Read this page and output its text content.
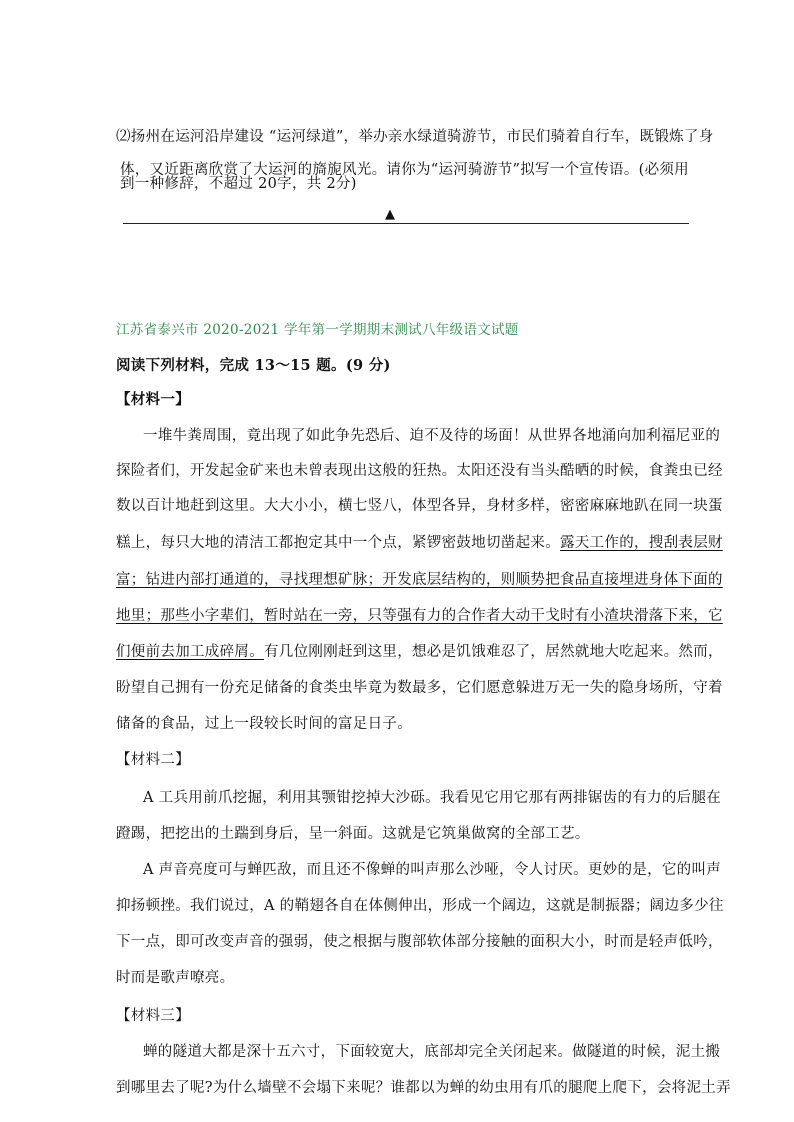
⑵扬州在运河沿岸建设 “运河绿道”，举办亲水绿道骑游节，市民们骑着自行车，既锻炼了身
体，又近距离欣赏了大运河的旖旎风光。请你为“运河骑游节”拟写一个宣传语。(必须用
到一种修辞，不超过 20字，共 2分)
▲
江苏省泰兴市 2020-2021 学年第一学期期末测试八年级语文试题
阅读下列材料，完成 13～15 题。(9 分)
【材料一】
一堆牛粪周围，竟出现了如此争先恐后、迫不及待的场面！从世界各地涌向加利福尼亚的
探险者们，开发起金矿来也未曾表现出这般的狂热。太阳还没有当头酷晒的时候，食粪虫已经
数以百计地赶到这里。大大小小，横七竖八，体型各异，身材多样，密密麻麻地趴在同一块蛋
糕上，每只大地的清洁工都抱定其中一个点，紧锣密鼓地切凿起来。露天工作的，搜刮表层财
富；钻进内部打通道的，寻找理想矿脉；开发底层结构的，则顺势把食品直接埋进身体下面的
地里；那些小字辈们，暂时站在一旁，只等强有力的合作者大动干戈时有小渣块滑落下来，它
们便前去加工成碎屑。有几位刚刚赶到这里，想必是饥饿难忍了，居然就地大吃起来。然而，
盼望自己拥有一份充足储备的食类虫毕竟为数最多，它们愿意躲进万无一失的隐身场所，守着
储备的食品，过上一段较长时间的富足日子。
【材料二】
A 工兵用前爪挖掘，利用其颚钳挖掉大沙砾。我看见它用它那有两排锯齿的有力的后腿在
蹬踢，把挖出的土踹到身后，呈一斜面。这就是它筑巢做窝的全部工艺。
A 声音亮度可与蝉匹敌，而且还不像蝉的叫声那么沙哑，令人讨厌。更妙的是，它的叫声
抑扬顿挫。我们说过，A 的鞘翅各自在体侧伸出，形成一个阔边，这就是制振器；阔边多少往
下一点，即可改变声音的强弱，使之根据与腹部软体部分接触的面积大小，时而是轻声低吟，
时而是歌声嘹亮。
【材料三】
蝉的隧道大都是深十五六寸，下面较宽大，底部却完全关闭起来。做隧道的时候，泥土搬
到哪里去了呢?为什么墙壁不会塌下来呢？谁都以为蝉的幼虫用有爪的腿爬上爬下，会将泥土弄
